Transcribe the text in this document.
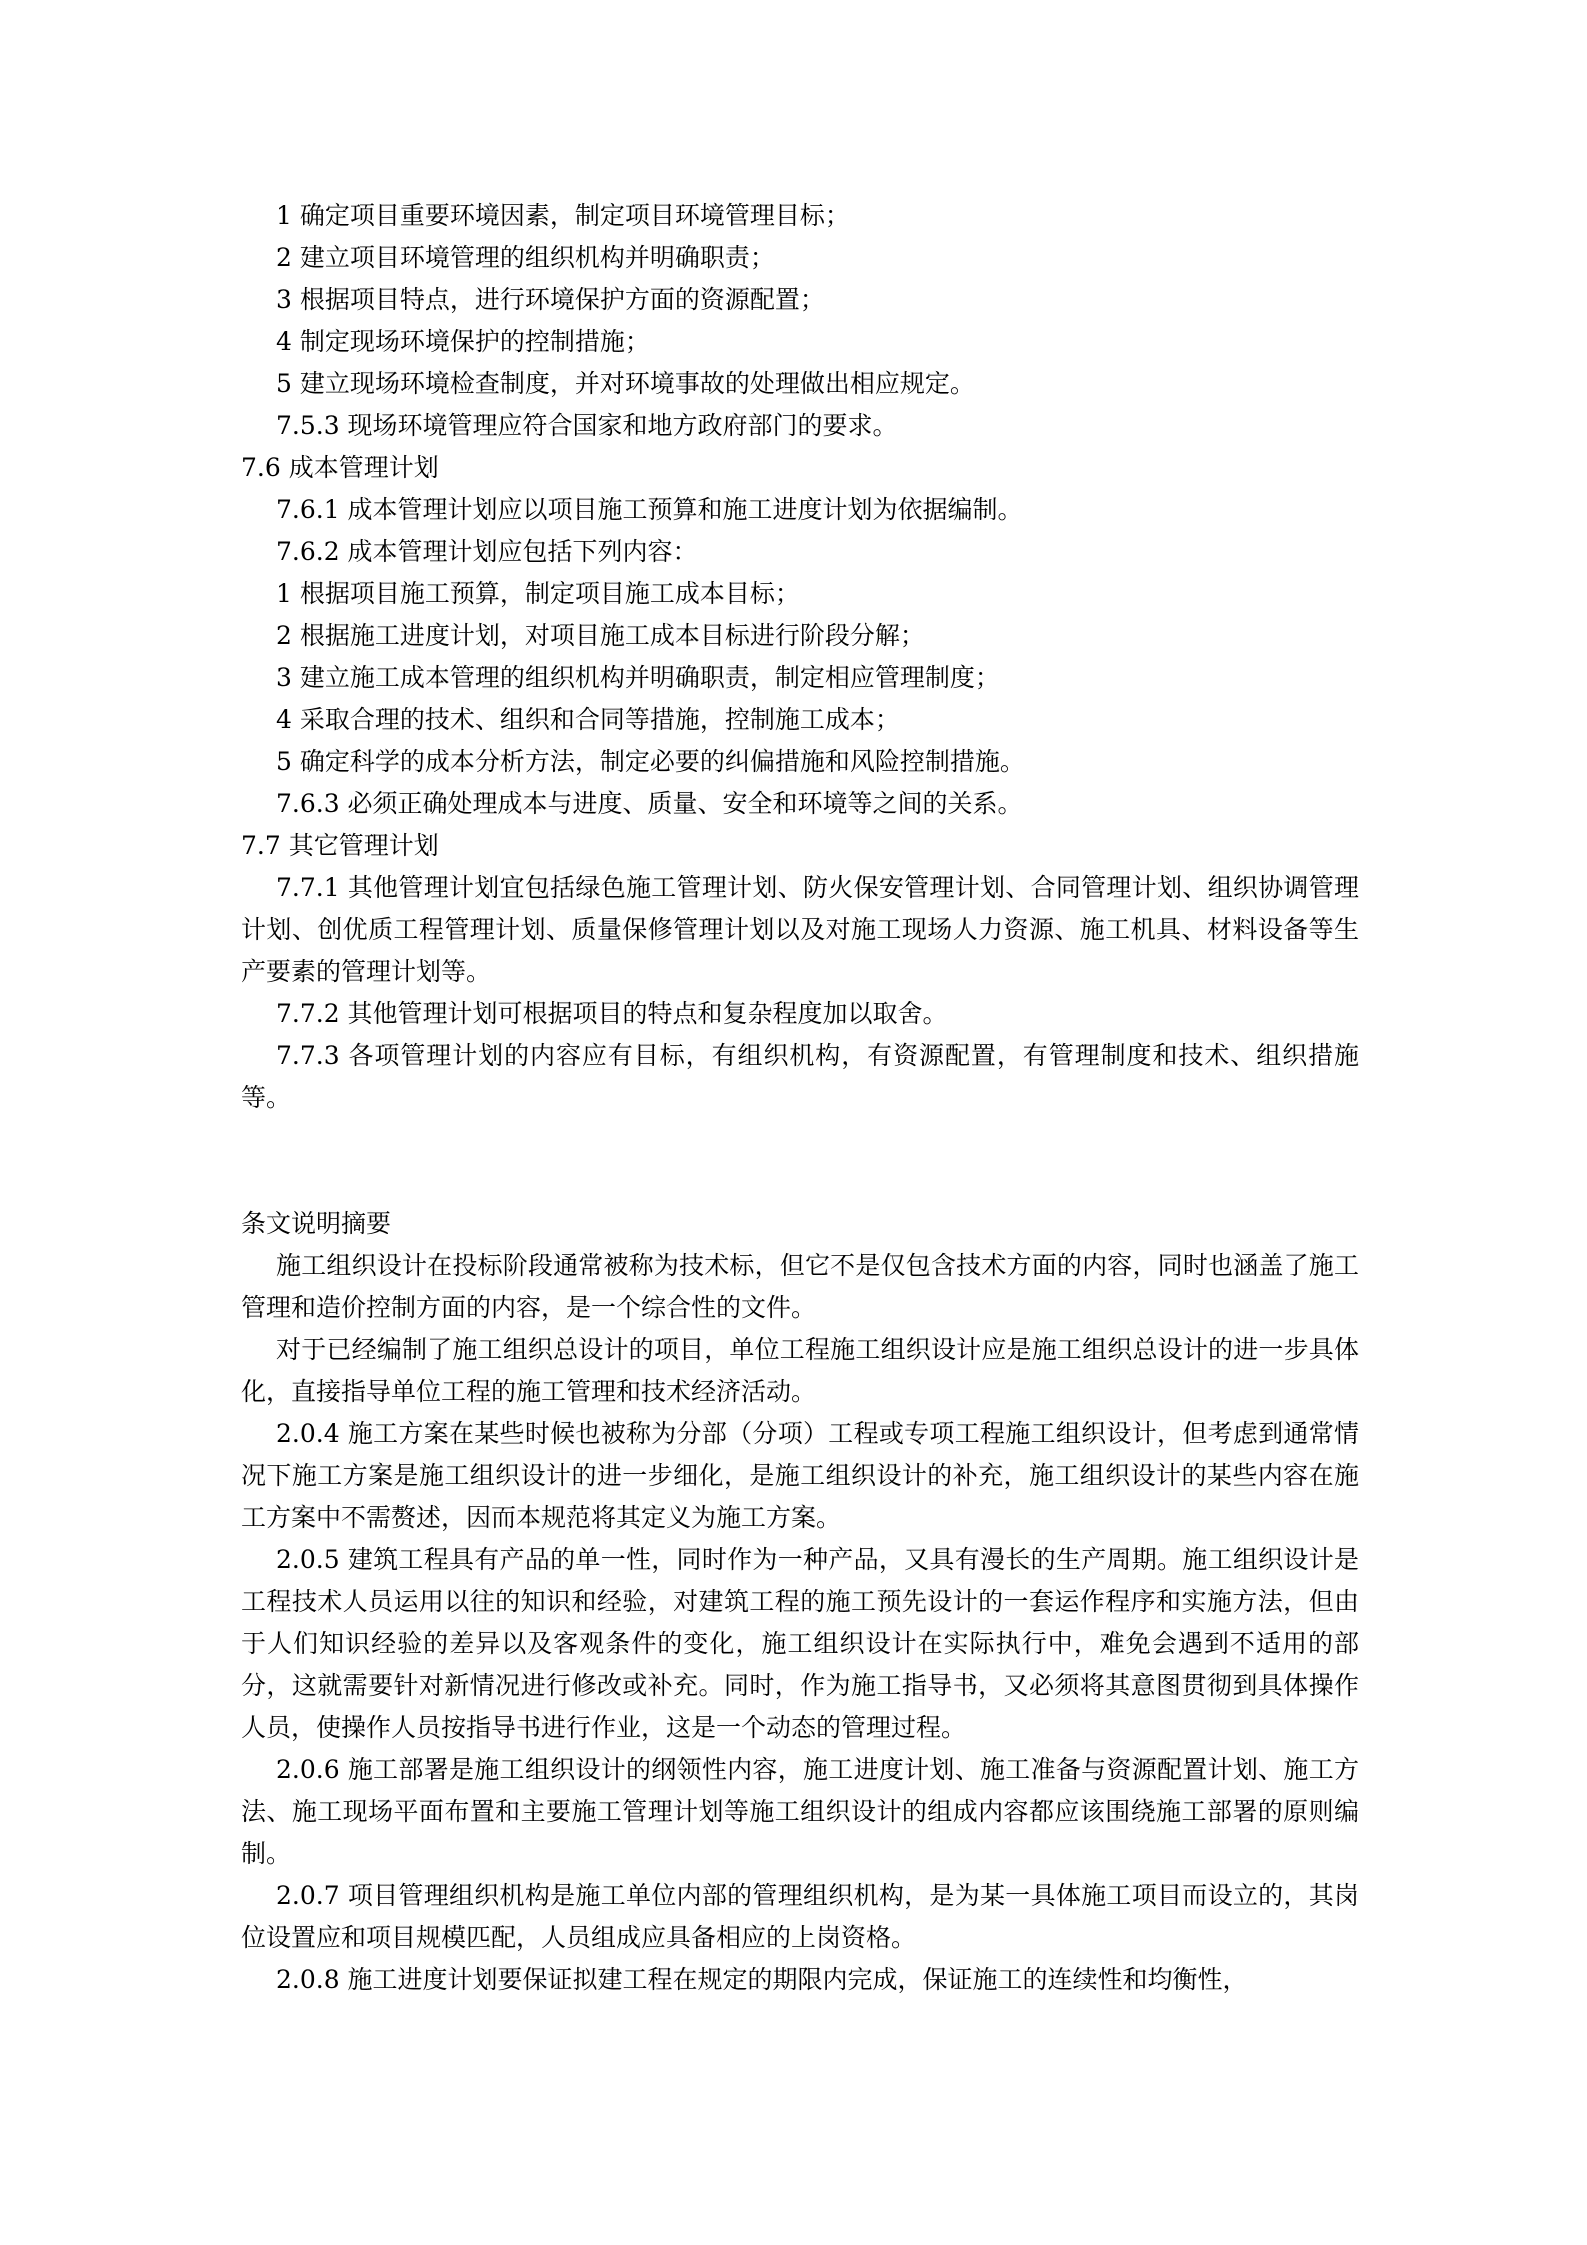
1 确定项目重要环境因素，制定项目环境管理目标；

2 建立项目环境管理的组织机构并明确职责；

3 根据项目特点，进行环境保护方面的资源配置；

4 制定现场环境保护的控制措施；

5 建立现场环境检查制度，并对环境事故的处理做出相应规定。

7.5.3 现场环境管理应符合国家和地方政府部门的要求。

7.6 成本管理计划

7.6.1 成本管理计划应以项目施工预算和施工进度计划为依据编制。

7.6.2 成本管理计划应包括下列内容：

1 根据项目施工预算，制定项目施工成本目标；

2 根据施工进度计划，对项目施工成本目标进行阶段分解；

3 建立施工成本管理的组织机构并明确职责，制定相应管理制度；

4 采取合理的技术、组织和合同等措施，控制施工成本；

5 确定科学的成本分析方法，制定必要的纠偏措施和风险控制措施。

7.6.3 必须正确处理成本与进度、质量、安全和环境等之间的关系。

7.7 其它管理计划

7.7.1 其他管理计划宜包括绿色施工管理计划、防火保安管理计划、合同管理计划、组织协调管理计划、创优质工程管理计划、质量保修管理计划以及对施工现场人力资源、施工机具、材料设备等生产要素的管理计划等。

7.7.2 其他管理计划可根据项目的特点和复杂程度加以取舍。

7.7.3 各项管理计划的内容应有目标，有组织机构，有资源配置，有管理制度和技术、组织措施等。

条文说明摘要

施工组织设计在投标阶段通常被称为技术标，但它不是仅包含技术方面的内容，同时也涵盖了施工管理和造价控制方面的内容，是一个综合性的文件。

对于已经编制了施工组织总设计的项目，单位工程施工组织设计应是施工组织总设计的进一步具体化，直接指导单位工程的施工管理和技术经济活动。

2.0.4 施工方案在某些时候也被称为分部（分项）工程或专项工程施工组织设计，但考虑到通常情况下施工方案是施工组织设计的进一步细化，是施工组织设计的补充，施工组织设计的某些内容在施工方案中不需赘述，因而本规范将其定义为施工方案。

2.0.5 建筑工程具有产品的单一性，同时作为一种产品，又具有漫长的生产周期。施工组织设计是工程技术人员运用以往的知识和经验，对建筑工程的施工预先设计的一套运作程序和实施方法，但由于人们知识经验的差异以及客观条件的变化，施工组织设计在实际执行中，难免会遇到不适用的部分，这就需要针对新情况进行修改或补充。同时，作为施工指导书，又必须将其意图贯彻到具体操作人员，使操作人员按指导书进行作业，这是一个动态的管理过程。

2.0.6 施工部署是施工组织设计的纲领性内容，施工进度计划、施工准备与资源配置计划、施工方法、施工现场平面布置和主要施工管理计划等施工组织设计的组成内容都应该围绕施工部署的原则编制。

2.0.7 项目管理组织机构是施工单位内部的管理组织机构，是为某一具体施工项目而设立的，其岗位设置应和项目规模匹配，人员组成应具备相应的上岗资格。

2.0.8 施工进度计划要保证拟建工程在规定的期限内完成，保证施工的连续性和均衡性，
